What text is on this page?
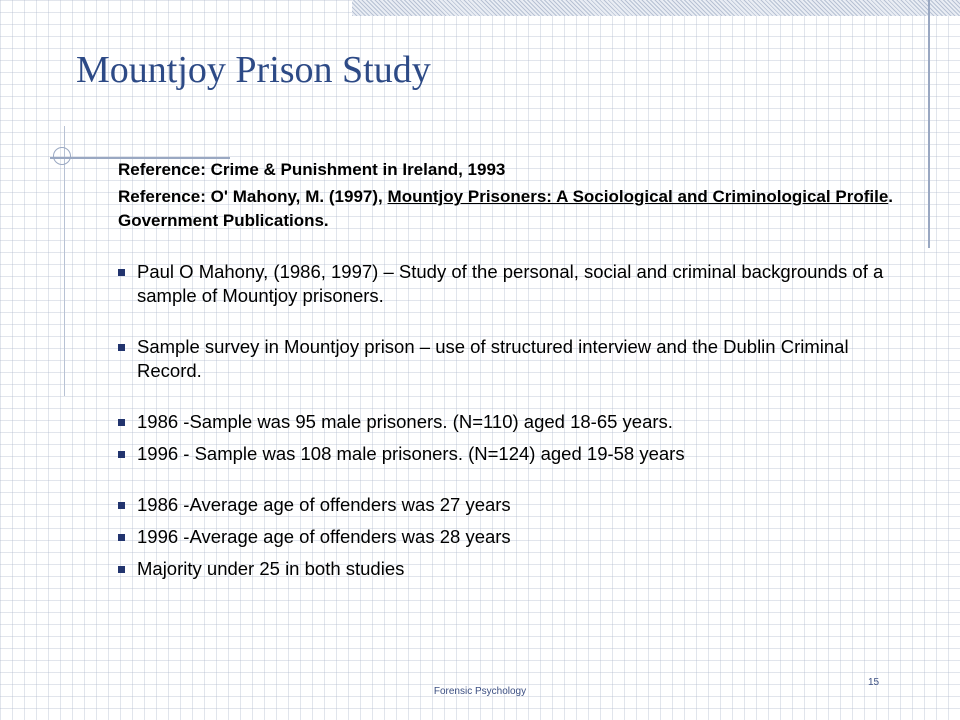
Mountjoy Prison Study
Reference: Crime & Punishment in Ireland, 1993
Reference: O' Mahony, M. (1997), Mountjoy Prisoners: A Sociological and Criminological Profile. Government Publications.
Paul O Mahony, (1986, 1997) – Study of the personal, social and criminal backgrounds of a sample of Mountjoy prisoners.
Sample survey in Mountjoy prison – use of structured interview and the Dublin Criminal Record.
1986 -Sample was 95 male prisoners. (N=110) aged 18-65 years.
1996 - Sample was 108 male prisoners. (N=124) aged 19-58 years
1986 -Average age of offenders was 27 years
1996 -Average age of offenders was 28 years
Majority under 25 in both studies
Forensic Psychology
15
